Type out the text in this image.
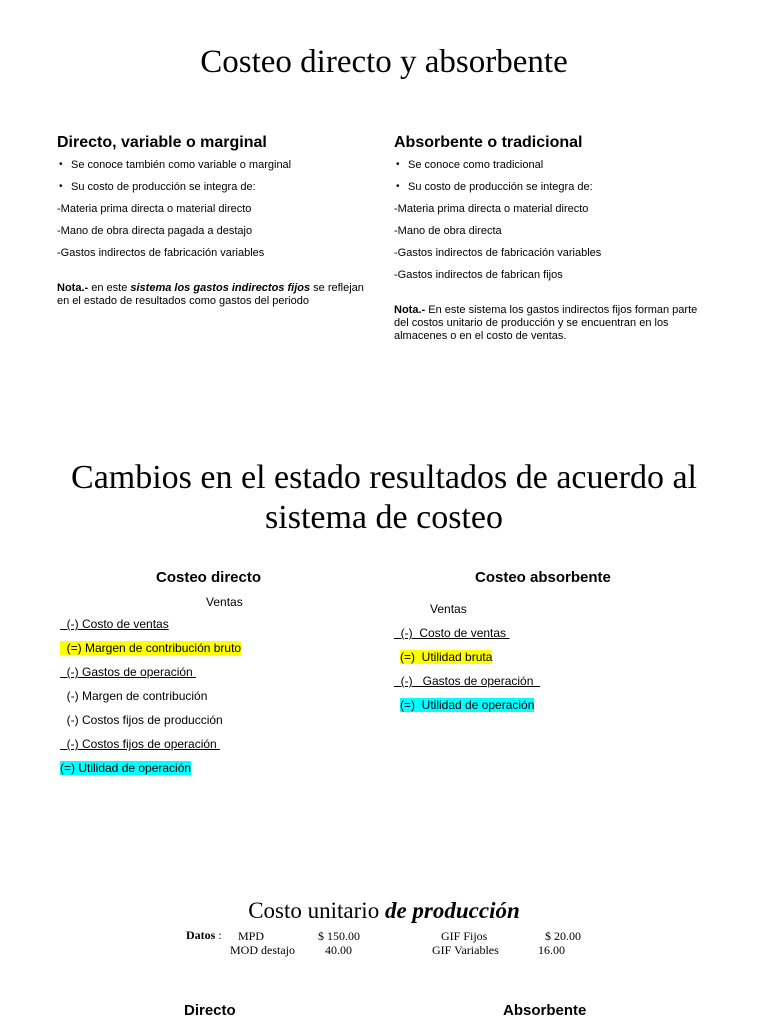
Costeo directo y absorbente
Directo, variable o marginal
• Se conoce también como variable o marginal
• Su costo de producción se integra de:
-Materia prima directa o material directo
-Mano de obra directa pagada a destajo
-Gastos indirectos de fabricación variables
Nota.- en este sistema los gastos indirectos fijos se reflejan en el estado de resultados como gastos del periodo
Absorbente o tradicional
• Se conoce como tradicional
• Su costo de producción se integra de:
-Materia prima directa o material directo
-Mano de obra directa
-Gastos indirectos de fabricación variables
-Gastos indirectos de fabrican fijos
Nota.- En este sistema los gastos indirectos fijos forman parte del costos unitario de producción y se encuentran en los almacenes o en el costo de ventas.
Cambios en el estado resultados de acuerdo al sistema de costeo
Costeo directo
Ventas
(-) Costo de ventas
(=) Margen de contribución bruto
(-) Gastos de operación
(-) Margen de contribución
(-) Costos fijos de producción
(-) Costos fijos de operación
(=) Utilidad de operación
Costeo absorbente
Ventas
(-)  Costo de ventas
(=)  Utilidad bruta
(-)   Gastos de operación
(=)  Utilidad de operación
Costo unitario de producción
Datos : MPD	$ 150.00	GIF Fijos	$ 20.00
MOD destajo	40.00	GIF Variables	16.00
Directo	Absorbente
